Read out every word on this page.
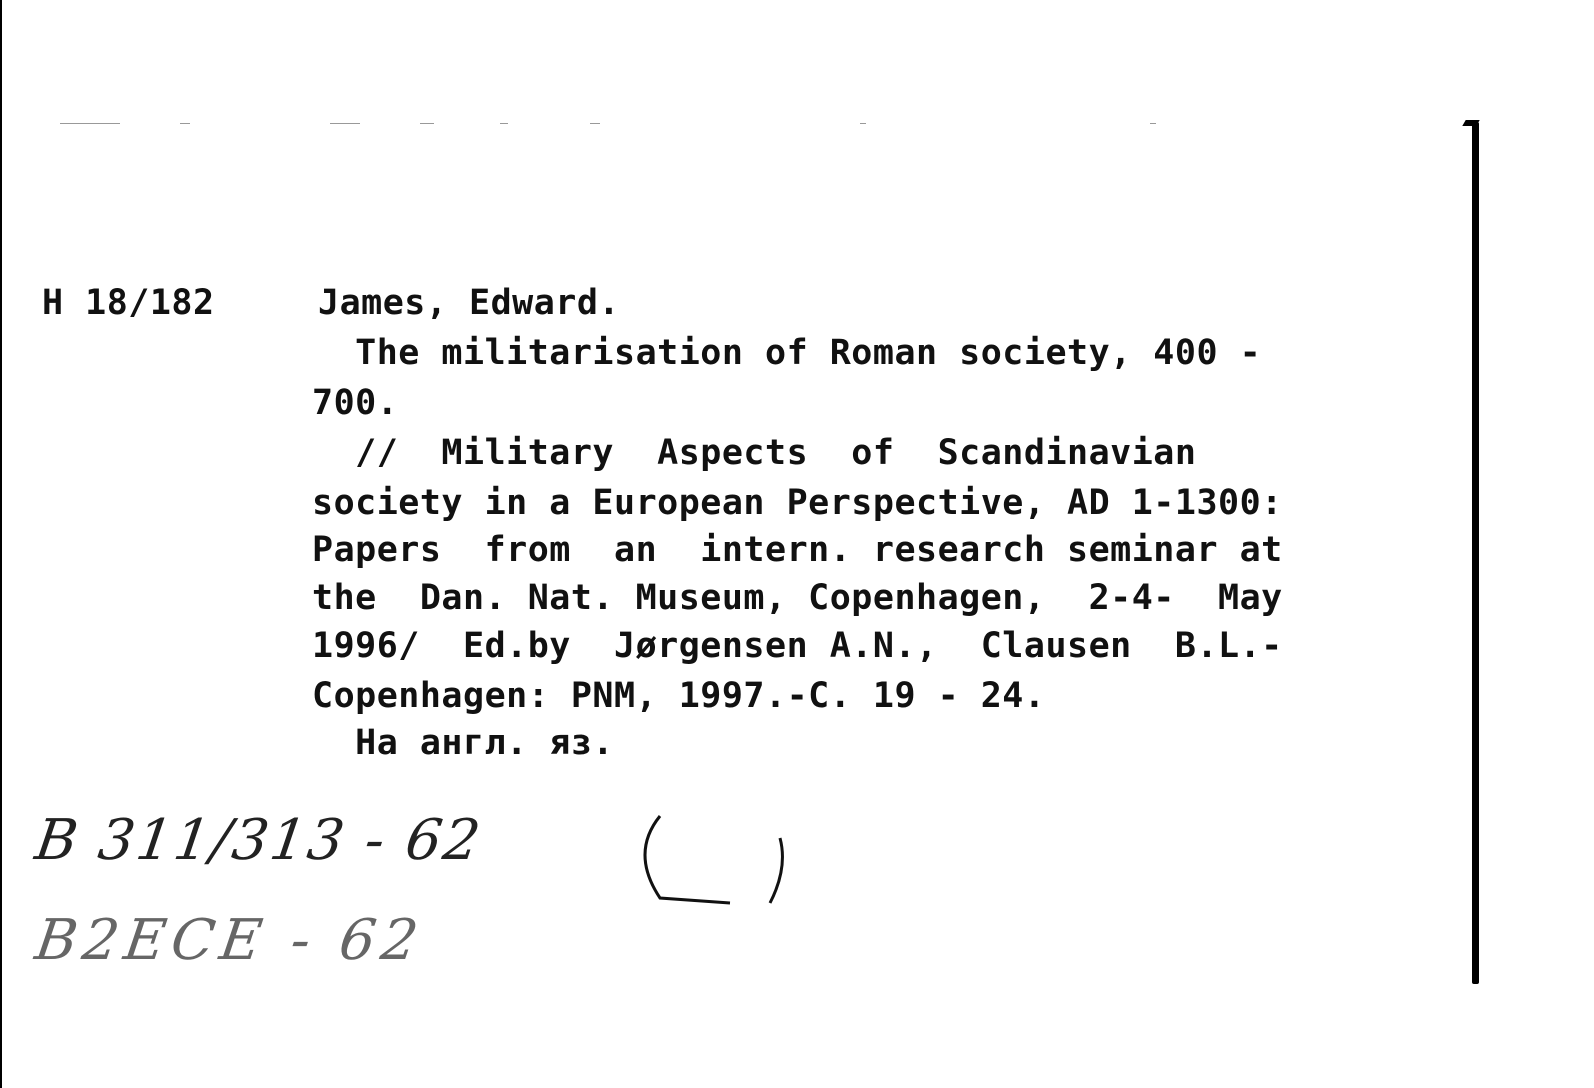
H 18/182	James, Edward.
The militarisation of Roman society, 400 -
700.
//  Military  Aspects  of  Scandinavian
society in a European Perspective, AD 1-1300:
Papers  from  an  intern. research seminar at
the  Dan. Nat. Museum, Copenhagen,  2-4-  May
1996/  Ed.by  Jørgensen A.N.,  Clausen  B.L.-
Copenhagen: PNM, 1997.-C. 19 - 24.
На англ. яз.
B 311/313 - 62
B2ECE - 62
